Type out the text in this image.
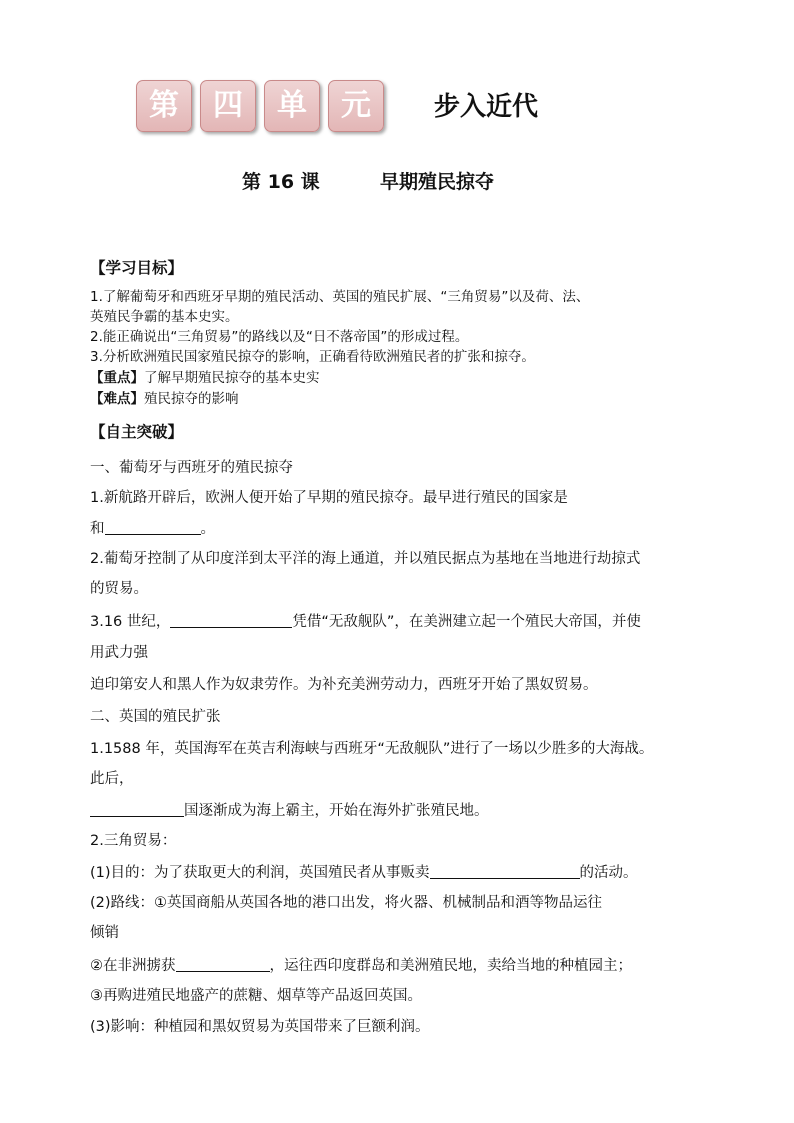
第	四	单	元	步入近代
第 16 课	早期殖民掠夺
【学习目标】
1.了解葡萄牙和西班牙早期的殖民活动、英国的殖民扩展、“三角贸易”以及荷、法、
英殖民争霸的基本史实。
2.能正确说出“三角贸易”的路线以及“日不落帝国”的形成过程。
3.分析欧洲殖民国家殖民掠夺的影响，正确看待欧洲殖民者的扩张和掠夺。
【重点】了解早期殖民掠夺的基本史实
【难点】殖民掠夺的影响
【自主突破】
一、葡萄牙与西班牙的殖民掠夺
1.新航路开辟后，欧洲人便开始了早期的殖民掠夺。最早进行殖民的国家是
和	。
2.葡萄牙控制了从印度洋到太平洋的海上通道，并以殖民据点为基地在当地进行劫掠式
的贸易。
3.16 世纪，	凭借“无敌舰队”，在美洲建立起一个殖民大帝国，并使
用武力强
迫印第安人和黑人作为奴隶劳作。为补充美洲劳动力，西班牙开始了黑奴贸易。
二、英国的殖民扩张
1.1588 年，英国海军在英吉利海峡与西班牙“无敌舰队”进行了一场以少胜多的大海战。
此后，
国逐渐成为海上霸主，开始在海外扩张殖民地。
2.三角贸易：
(1)目的：为了获取更大的利润，英国殖民者从事贩卖	的活动。
(2)路线：①英国商船从英国各地的港口出发，将火器、机械制品和酒等物品运往
倾销
②在非洲掳获	，运往西印度群岛和美洲殖民地，卖给当地的种植园主；
③再购进殖民地盛产的蔗糖、烟草等产品返回英国。
(3)影响：种植园和黑奴贸易为英国带来了巨额利润。
